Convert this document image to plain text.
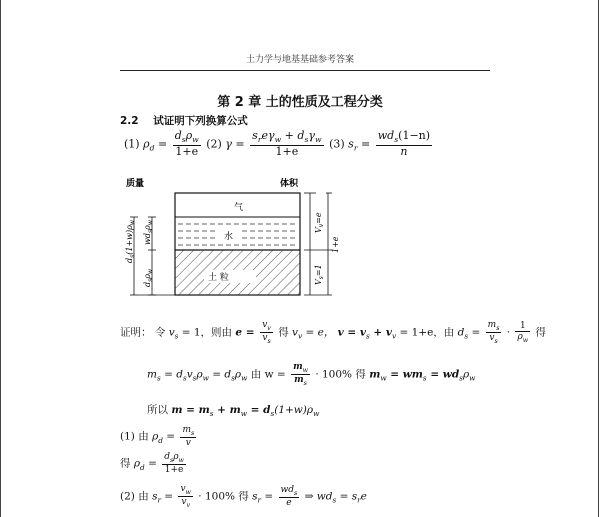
土力学与地基基础参考答案
第 2 章 土的性质及工程分类
2.2 试证明下列换算公式
(1) $\rho_d = \frac{d_s\rho_w}{1+e} (2) \gamma = \frac{s_re\gamma_w + d_s\gamma_w}{1+e} (3) s_r = \frac{wd_s(1-n)}{n}$
质量	体积
气
水
土 粒
$d_s(1+w)\rho_w$
$wd_s\rho_w$
$d_s\rho_w$
$V_v=e$
1+e
$V_s=1$
证明： 令 $v_s = 1$，则由 $e = \frac{v_v}{v_s}$ 得 $v_v = e$， $v = v_s + v_v = 1+e$，由 $d_s = \frac{m_s}{v_s} \cdot \frac{1}{\rho_w}$ 得
$m_s = d_sv_s\rho_w = d_s\rho_w$ 由 $w = \frac{m_w}{m_s} \cdot 100\%$ 得 $m_w = wm_s = wd_s\rho_w$
所以 $m = m_s + m_w = d_s(1+w)\rho_w$
(1) 由 $\rho_d = \frac{m_s}{v}$
得 $\rho_d = \frac{d_s\rho_w}{1+e}$
(2) 由 $s_r = \frac{v_w}{v_v} \cdot 100\%$ 得 $s_r = \frac{wd_s}{e}$ ⇒ $wd_s = s_re$
